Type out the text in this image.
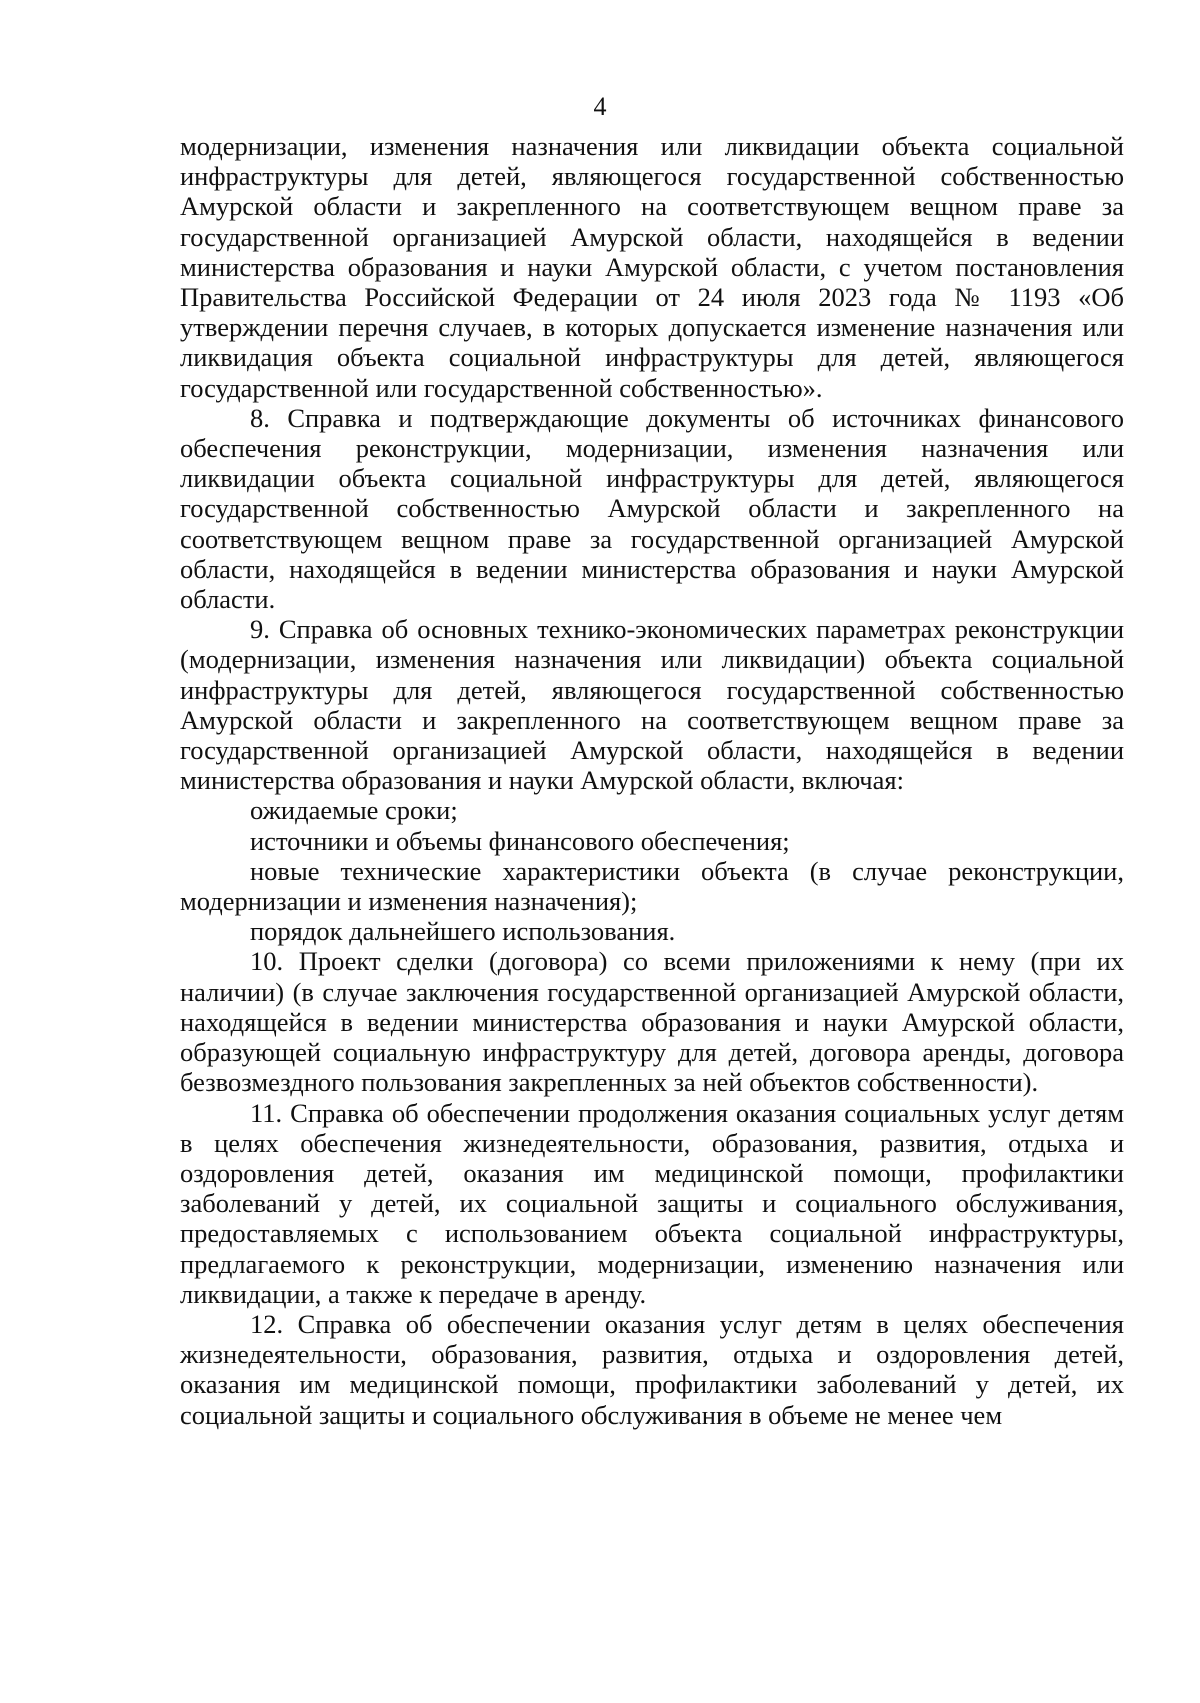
4

модернизации, изменения назначения или ликвидации объекта социальной инфраструктуры для детей, являющегося государственной собственностью Амурской области и закрепленного на соответствующем вещном праве за государственной организацией Амурской области, находящейся в ведении министерства образования и науки Амурской области, с учетом постановления Правительства Российской Федерации от 24 июля 2023 года № 1193 «Об утверждении перечня случаев, в которых допускается изменение назначения или ликвидация объекта социальной инфраструктуры для детей, являющегося государственной или государственной собственностью».

8. Справка и подтверждающие документы об источниках финансового обеспечения реконструкции, модернизации, изменения назначения или ликвидации объекта социальной инфраструктуры для детей, являющегося государственной собственностью Амурской области и закрепленного на соответствующем вещном праве за государственной организацией Амурской области, находящейся в ведении министерства образования и науки Амурской области.

9. Справка об основных технико-экономических параметрах реконструкции (модернизации, изменения назначения или ликвидации) объекта социальной инфраструктуры для детей, являющегося государственной собственностью Амурской области и закрепленного на соответствующем вещном праве за государственной организацией Амурской области, находящейся в ведении министерства образования и науки Амурской области, включая:

ожидаемые сроки;

источники и объемы финансового обеспечения;

новые технические характеристики объекта (в случае реконструкции, модернизации и изменения назначения);

порядок дальнейшего использования.

10. Проект сделки (договора) со всеми приложениями к нему (при их наличии) (в случае заключения государственной организацией Амурской области, находящейся в ведении министерства образования и науки Амурской области, образующей социальную инфраструктуру для детей, договора аренды, договора безвозмездного пользования закрепленных за ней объектов собственности).

11. Справка об обеспечении продолжения оказания социальных услуг детям в целях обеспечения жизнедеятельности, образования, развития, отдыха и оздоровления детей, оказания им медицинской помощи, профилактики заболеваний у детей, их социальной защиты и социального обслуживания, предоставляемых с использованием объекта социальной инфраструктуры, предлагаемого к реконструкции, модернизации, изменению назначения или ликвидации, а также к передаче в аренду.

12. Справка об обеспечении оказания услуг детям в целях обеспечения жизнедеятельности, образования, развития, отдыха и оздоровления детей, оказания им медицинской помощи, профилактики заболеваний у детей, их социальной защиты и социального обслуживания в объеме не менее чем
